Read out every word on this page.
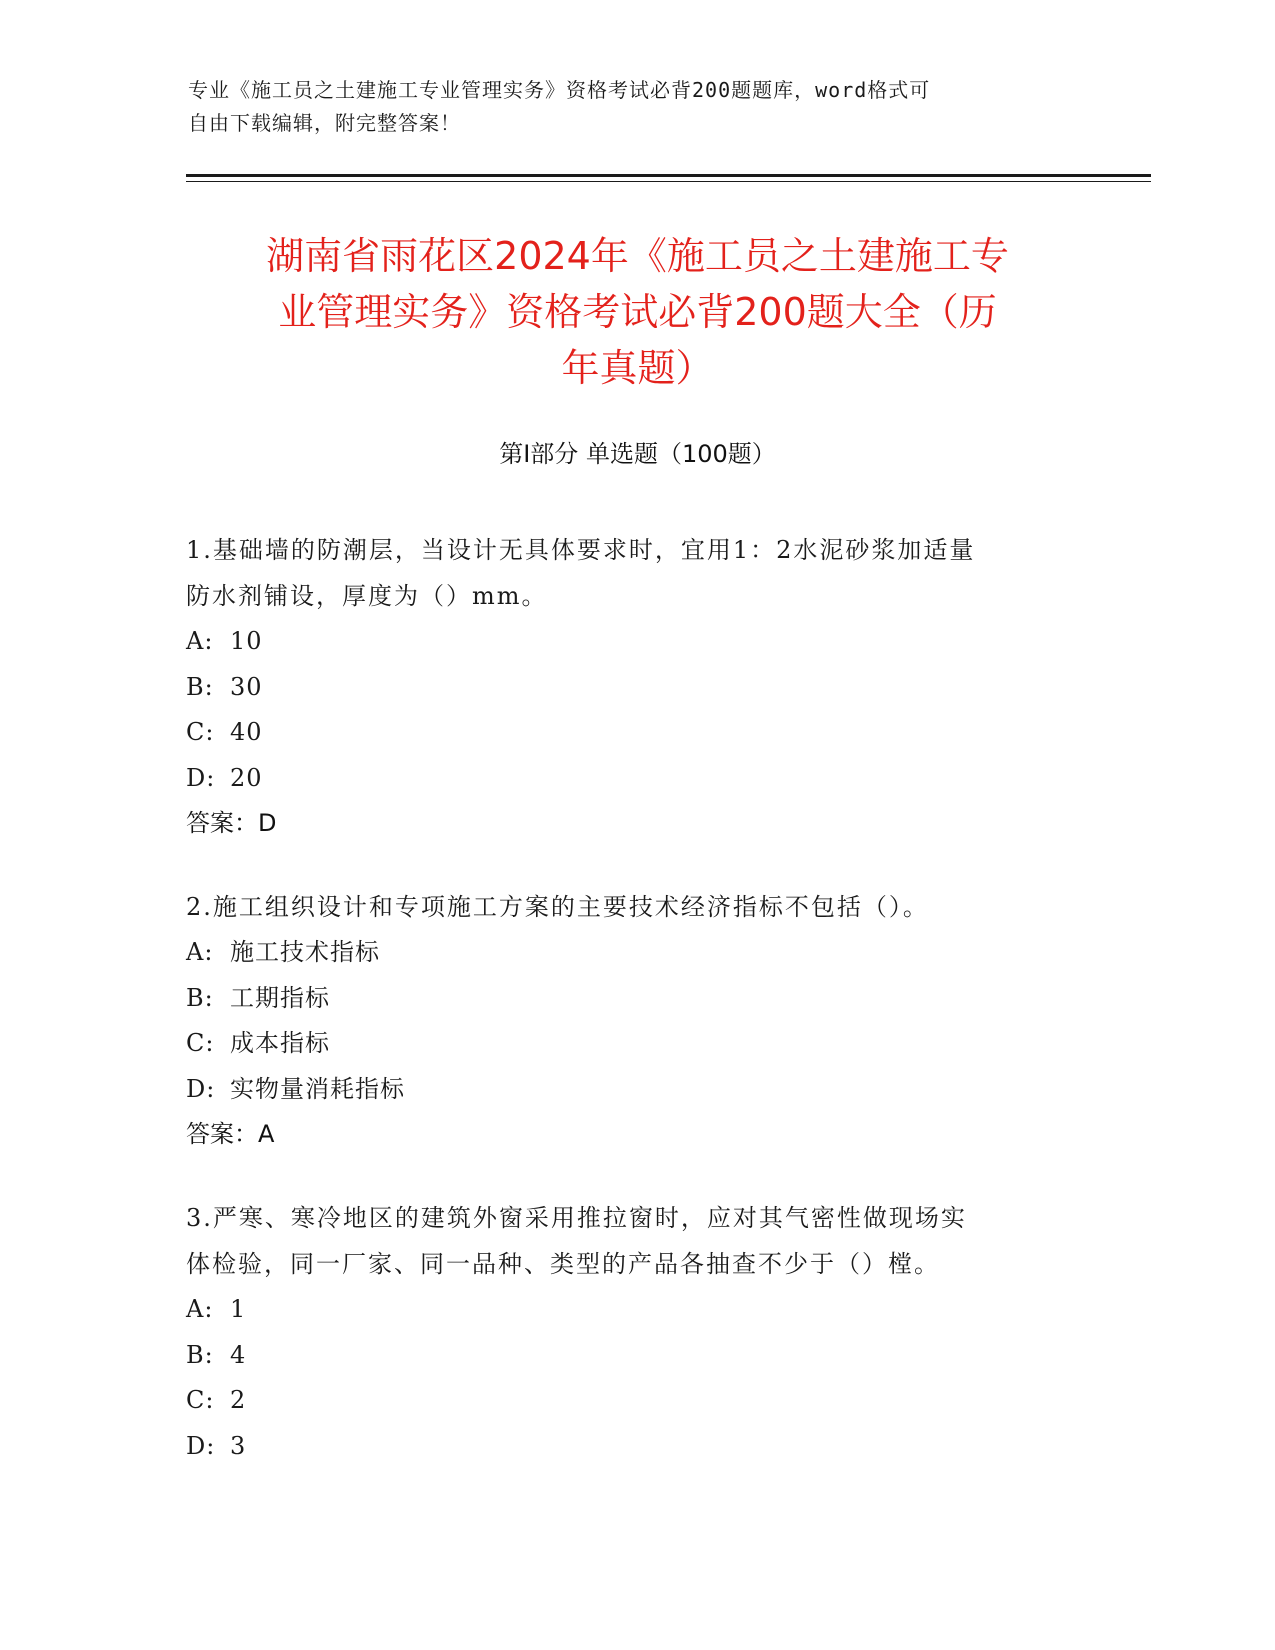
专业《施工员之土建施工专业管理实务》资格考试必背200题题库，word格式可
自由下载编辑，附完整答案！
湖南省雨花区2024年《施工员之土建施工专
业管理实务》资格考试必背200题大全（历
年真题）
第Ⅰ部分 单选题（100题）
1.基础墙的防潮层，当设计无具体要求时，宜用1：2水泥砂浆加适量
防水剂铺设，厚度为（）mm。
A: 10
B: 30
C: 40
D: 20
答案：D
2.施工组织设计和专项施工方案的主要技术经济指标不包括（）。
A: 施工技术指标
B: 工期指标
C: 成本指标
D: 实物量消耗指标
答案：A
3.严寒、寒冷地区的建筑外窗采用推拉窗时，应对其气密性做现场实
体检验，同一厂家、同一品种、类型的产品各抽查不少于（）樘。
A: 1
B: 4
C: 2
D: 3
